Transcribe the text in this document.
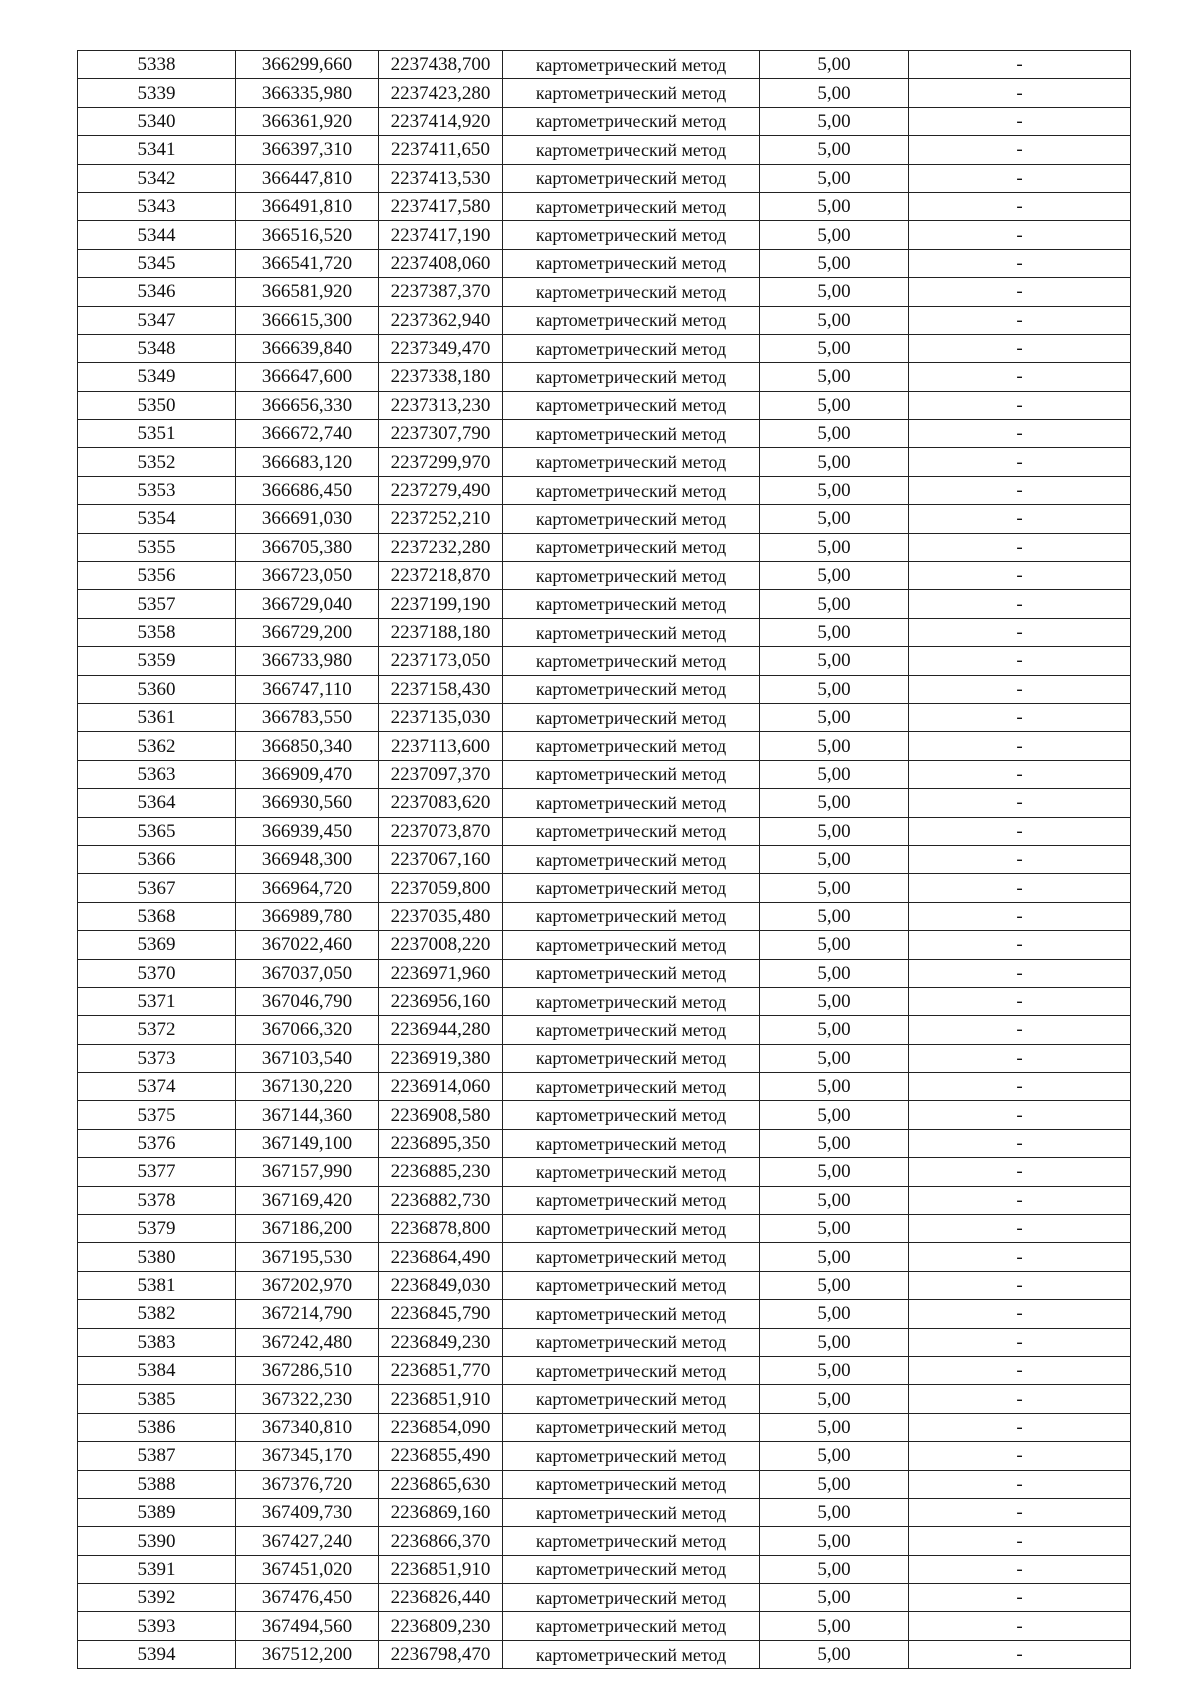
5338	366299,660	2237438,700	картометрический метод	5,00	-
5339	366335,980	2237423,280	картометрический метод	5,00	-
5340	366361,920	2237414,920	картометрический метод	5,00	-
5341	366397,310	2237411,650	картометрический метод	5,00	-
5342	366447,810	2237413,530	картометрический метод	5,00	-
5343	366491,810	2237417,580	картометрический метод	5,00	-
5344	366516,520	2237417,190	картометрический метод	5,00	-
5345	366541,720	2237408,060	картометрический метод	5,00	-
5346	366581,920	2237387,370	картометрический метод	5,00	-
5347	366615,300	2237362,940	картометрический метод	5,00	-
5348	366639,840	2237349,470	картометрический метод	5,00	-
5349	366647,600	2237338,180	картометрический метод	5,00	-
5350	366656,330	2237313,230	картометрический метод	5,00	-
5351	366672,740	2237307,790	картометрический метод	5,00	-
5352	366683,120	2237299,970	картометрический метод	5,00	-
5353	366686,450	2237279,490	картометрический метод	5,00	-
5354	366691,030	2237252,210	картометрический метод	5,00	-
5355	366705,380	2237232,280	картометрический метод	5,00	-
5356	366723,050	2237218,870	картометрический метод	5,00	-
5357	366729,040	2237199,190	картометрический метод	5,00	-
5358	366729,200	2237188,180	картометрический метод	5,00	-
5359	366733,980	2237173,050	картометрический метод	5,00	-
5360	366747,110	2237158,430	картометрический метод	5,00	-
5361	366783,550	2237135,030	картометрический метод	5,00	-
5362	366850,340	2237113,600	картометрический метод	5,00	-
5363	366909,470	2237097,370	картометрический метод	5,00	-
5364	366930,560	2237083,620	картометрический метод	5,00	-
5365	366939,450	2237073,870	картометрический метод	5,00	-
5366	366948,300	2237067,160	картометрический метод	5,00	-
5367	366964,720	2237059,800	картометрический метод	5,00	-
5368	366989,780	2237035,480	картометрический метод	5,00	-
5369	367022,460	2237008,220	картометрический метод	5,00	-
5370	367037,050	2236971,960	картометрический метод	5,00	-
5371	367046,790	2236956,160	картометрический метод	5,00	-
5372	367066,320	2236944,280	картометрический метод	5,00	-
5373	367103,540	2236919,380	картометрический метод	5,00	-
5374	367130,220	2236914,060	картометрический метод	5,00	-
5375	367144,360	2236908,580	картометрический метод	5,00	-
5376	367149,100	2236895,350	картометрический метод	5,00	-
5377	367157,990	2236885,230	картометрический метод	5,00	-
5378	367169,420	2236882,730	картометрический метод	5,00	-
5379	367186,200	2236878,800	картометрический метод	5,00	-
5380	367195,530	2236864,490	картометрический метод	5,00	-
5381	367202,970	2236849,030	картометрический метод	5,00	-
5382	367214,790	2236845,790	картометрический метод	5,00	-
5383	367242,480	2236849,230	картометрический метод	5,00	-
5384	367286,510	2236851,770	картометрический метод	5,00	-
5385	367322,230	2236851,910	картометрический метод	5,00	-
5386	367340,810	2236854,090	картометрический метод	5,00	-
5387	367345,170	2236855,490	картометрический метод	5,00	-
5388	367376,720	2236865,630	картометрический метод	5,00	-
5389	367409,730	2236869,160	картометрический метод	5,00	-
5390	367427,240	2236866,370	картометрический метод	5,00	-
5391	367451,020	2236851,910	картометрический метод	5,00	-
5392	367476,450	2236826,440	картометрический метод	5,00	-
5393	367494,560	2236809,230	картометрический метод	5,00	-
5394	367512,200	2236798,470	картометрический метод	5,00	-
